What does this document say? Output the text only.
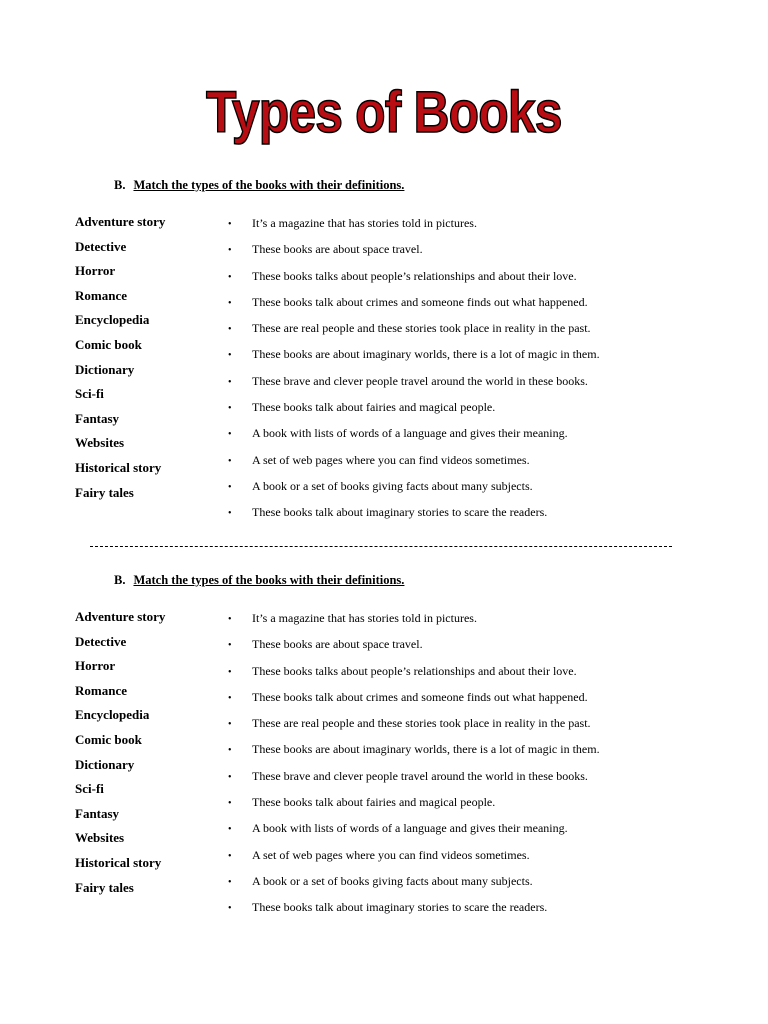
Types of Books
B. Match the types of the books with their definitions.
Adventure story
Detective
Horror
Romance
Encyclopedia
Comic book
Dictionary
Sci-fi
Fantasy
Websites
Historical story
Fairy tales
• It’s a magazine that has stories told in pictures.
• These books are about space travel.
• These books talks about people’s relationships and about their love.
• These books talk about crimes and someone finds out what happened.
• These are real people and these stories took place in reality in the past.
• These books are about imaginary worlds, there is a lot of magic in them.
• These brave and clever people travel around the world in these books.
• These books talk about fairies and magical people.
• A book with lists of words of a language and gives their meaning.
• A set of web pages where you can find videos sometimes.
• A book or a set of books giving facts about many subjects.
• These books talk about imaginary stories to scare the readers.
B. Match the types of the books with their definitions.
Adventure story
Detective
Horror
Romance
Encyclopedia
Comic book
Dictionary
Sci-fi
Fantasy
Websites
Historical story
Fairy tales
• It’s a magazine that has stories told in pictures.
• These books are about space travel.
• These books talks about people’s relationships and about their love.
• These books talk about crimes and someone finds out what happened.
• These are real people and these stories took place in reality in the past.
• These books are about imaginary worlds, there is a lot of magic in them.
• These brave and clever people travel around the world in these books.
• These books talk about fairies and magical people.
• A book with lists of words of a language and gives their meaning.
• A set of web pages where you can find videos sometimes.
• A book or a set of books giving facts about many subjects.
• These books talk about imaginary stories to scare the readers.
